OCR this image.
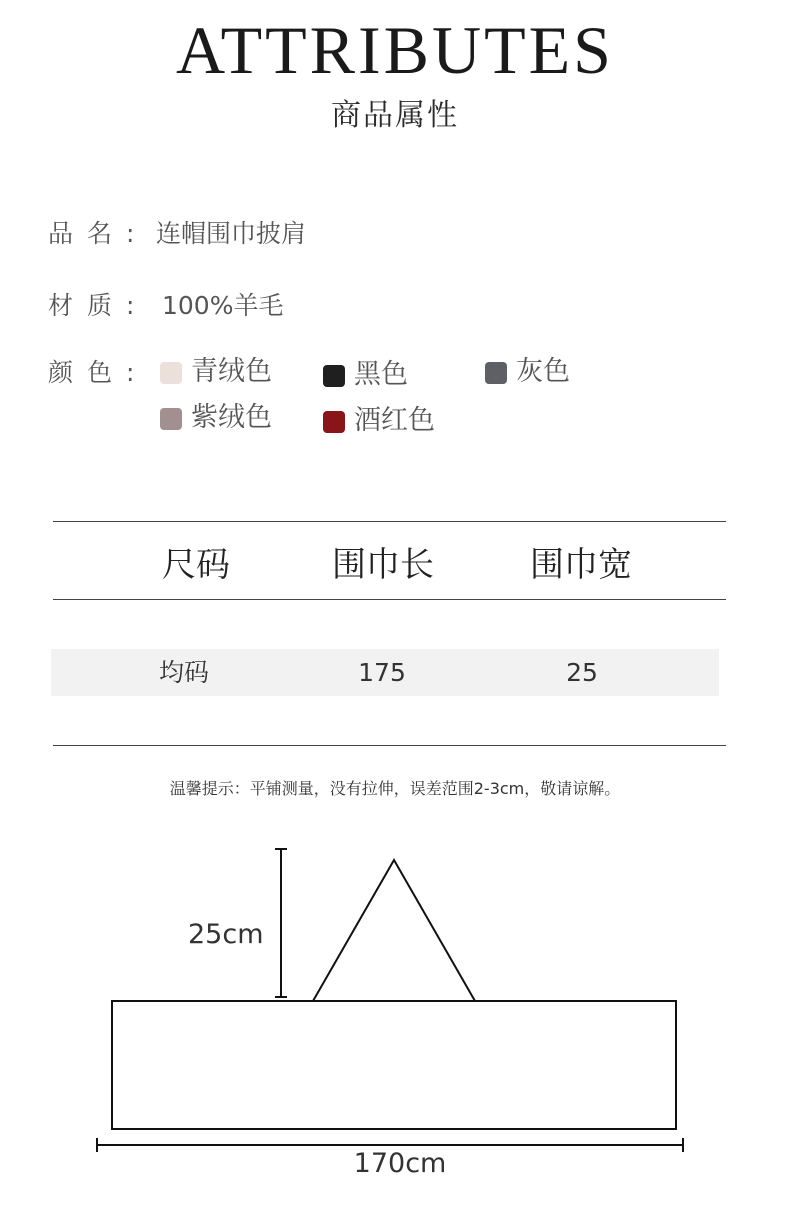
ATTRIBUTES
商品属性
品名: 连帽围巾披肩
材质: 100%羊毛
颜色: 青绒色	黑色	灰色
紫绒色	酒红色
尺码	围巾长	围巾宽
均码	175	25
温馨提示：平铺测量，没有拉伸，误差范围2-3cm，敬请谅解。
25cm
170cm
